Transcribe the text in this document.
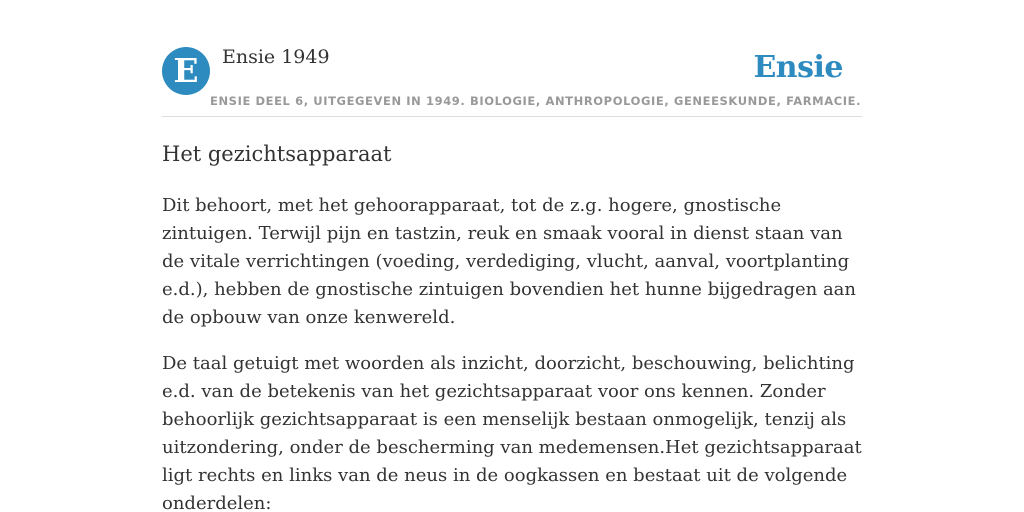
E	Ensie 1949	Ensie
ENSIE DEEL 6, UITGEGEVEN IN 1949. BIOLOGIE, ANTHROPOLOGIE, GENEESKUNDE, FARMACIE.
Het gezichtsapparaat

Dit behoort, met het gehoorapparaat, tot de z.g. hogere, gnostische zintuigen. Terwijl pijn en tastzin, reuk en smaak vooral in dienst staan van de vitale verrichtingen (voeding, verdediging, vlucht, aanval, voortplanting e.d.), hebben de gnostische zintuigen bovendien het hunne bijgedragen aan de opbouw van onze kenwereld.

De taal getuigt met woorden als inzicht, doorzicht, beschouwing, belichting e.d. van de betekenis van het gezichtsapparaat voor ons kennen. Zonder behoorlijk gezichtsapparaat is een menselijk bestaan onmogelijk, tenzij als uitzondering, onder de bescherming van medemensen.Het gezichtsapparaat ligt rechts en links van de neus in de oogkassen en bestaat uit de volgende onderdelen:
